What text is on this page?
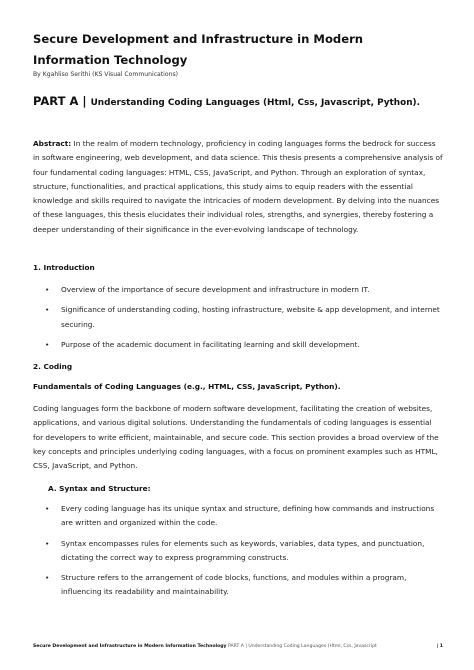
Secure Development and Infrastructure in Modern Information Technology
By Kgahliso Serithi (KS Visual Communications)
PART A | Understanding Coding Languages (Html, Css, Javascript, Python).

Abstract: In the realm of modern technology, proficiency in coding languages forms the bedrock for success in software engineering, web development, and data science. This thesis presents a comprehensive analysis of four fundamental coding languages: HTML, CSS, JavaScript, and Python. Through an exploration of syntax, structure, functionalities, and practical applications, this study aims to equip readers with the essential knowledge and skills required to navigate the intricacies of modern development. By delving into the nuances of these languages, this thesis elucidates their individual roles, strengths, and synergies, thereby fostering a deeper understanding of their significance in the ever-evolving landscape of technology.

1. Introduction
• Overview of the importance of secure development and infrastructure in modern IT.
• Significance of understanding coding, hosting infrastructure, website & app development, and internet securing.
• Purpose of the academic document in facilitating learning and skill development.
2. Coding
Fundamentals of Coding Languages (e.g., HTML, CSS, JavaScript, Python).

Coding languages form the backbone of modern software development, facilitating the creation of websites, applications, and various digital solutions. Understanding the fundamentals of coding languages is essential for developers to write efficient, maintainable, and secure code. This section provides a broad overview of the key concepts and principles underlying coding languages, with a focus on prominent examples such as HTML, CSS, JavaScript, and Python.

A. Syntax and Structure:
• Every coding language has its unique syntax and structure, defining how commands and instructions are written and organized within the code.
• Syntax encompasses rules for elements such as keywords, variables, data types, and punctuation, dictating the correct way to express programming constructs.
• Structure refers to the arrangement of code blocks, functions, and modules within a program, influencing its readability and maintainability.
Secure Development and Infrastructure in Modern Information Technology PART A | Understanding Coding Languages (Html, Css, Javascript	| 1
